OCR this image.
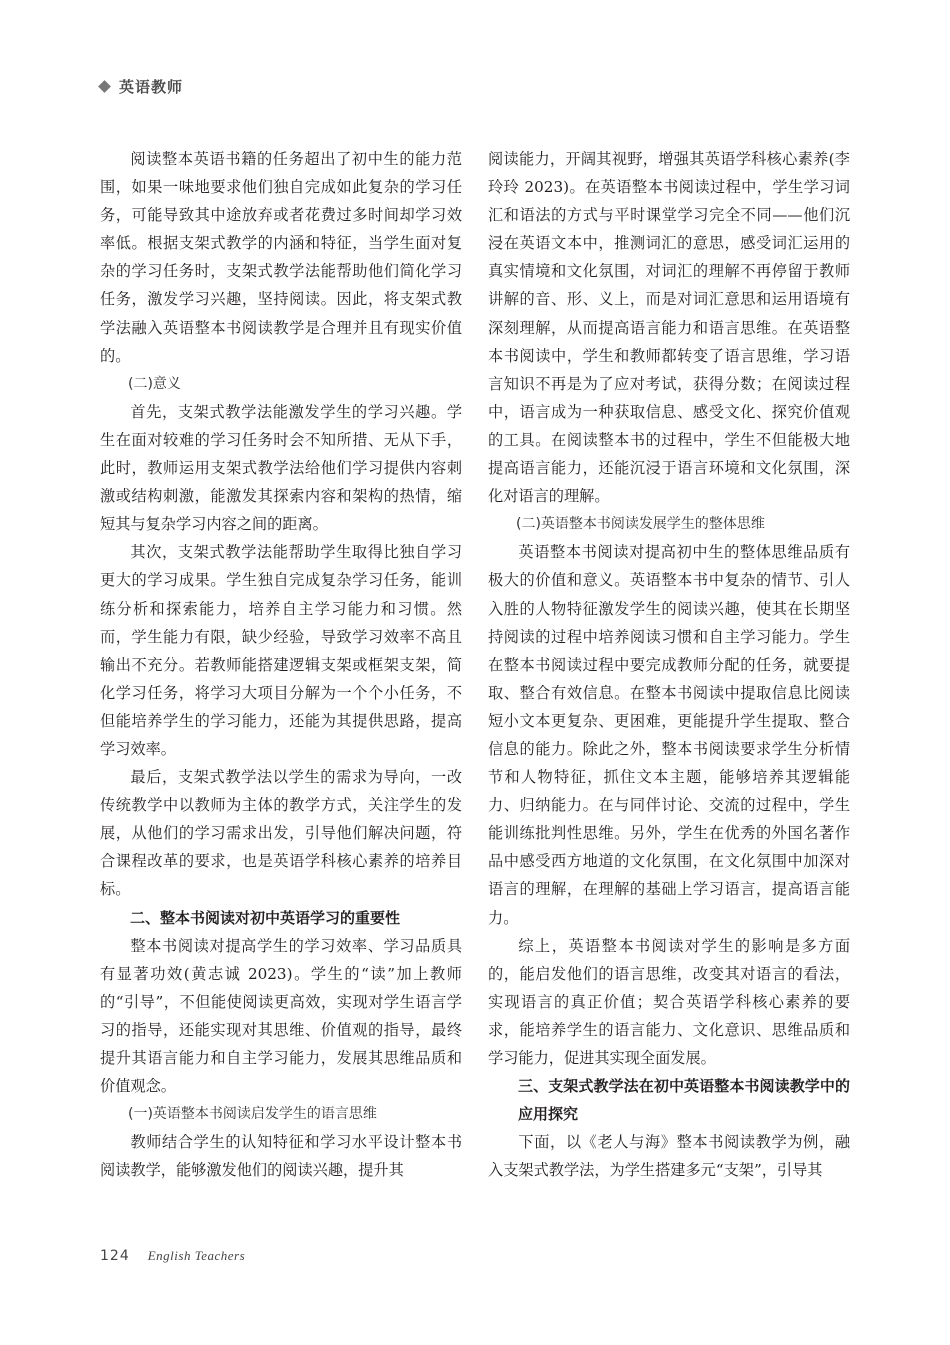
英语教师

阅读整本英语书籍的任务超出了初中生的能力范围，如果一味地要求他们独自完成如此复杂的学习任务，可能导致其中途放弃或者花费过多时间却学习效率低。根据支架式教学的内涵和特征，当学生面对复杂的学习任务时，支架式教学法能帮助他们简化学习任务，激发学习兴趣，坚持阅读。因此，将支架式教学法融入英语整本书阅读教学是合理并且有现实价值的。

(二)意义

首先，支架式教学法能激发学生的学习兴趣。学生在面对较难的学习任务时会不知所措、无从下手，此时，教师运用支架式教学法给他们学习提供内容刺激或结构刺激，能激发其探索内容和架构的热情，缩短其与复杂学习内容之间的距离。

其次，支架式教学法能帮助学生取得比独自学习更大的学习成果。学生独自完成复杂学习任务，能训练分析和探索能力，培养自主学习能力和习惯。然而，学生能力有限，缺少经验，导致学习效率不高且输出不充分。若教师能搭建逻辑支架或框架支架，简化学习任务，将学习大项目分解为一个个小任务，不但能培养学生的学习能力，还能为其提供思路，提高学习效率。

最后，支架式教学法以学生的需求为导向，一改传统教学中以教师为主体的教学方式，关注学生的发展，从他们的学习需求出发，引导他们解决问题，符合课程改革的要求，也是英语学科核心素养的培养目标。

二、整本书阅读对初中英语学习的重要性

整本书阅读对提高学生的学习效率、学习品质具有显著功效(黄志诚 2023)。学生的“读”加上教师的“引导”，不但能使阅读更高效，实现对学生语言学习的指导，还能实现对其思维、价值观的指导，最终提升其语言能力和自主学习能力，发展其思维品质和价值观念。

(一)英语整本书阅读启发学生的语言思维

教师结合学生的认知特征和学习水平设计整本书阅读教学，能够激发他们的阅读兴趣，提升其

阅读能力，开阔其视野，增强其英语学科核心素养(李玲玲 2023)。在英语整本书阅读过程中，学生学习词汇和语法的方式与平时课堂学习完全不同——他们沉浸在英语文本中，推测词汇的意思，感受词汇运用的真实情境和文化氛围，对词汇的理解不再停留于教师讲解的音、形、义上，而是对词汇意思和运用语境有深刻理解，从而提高语言能力和语言思维。在英语整本书阅读中，学生和教师都转变了语言思维，学习语言知识不再是为了应对考试，获得分数；在阅读过程中，语言成为一种获取信息、感受文化、探究价值观的工具。在阅读整本书的过程中，学生不但能极大地提高语言能力，还能沉浸于语言环境和文化氛围，深化对语言的理解。

(二)英语整本书阅读发展学生的整体思维

英语整本书阅读对提高初中生的整体思维品质有极大的价值和意义。英语整本书中复杂的情节、引人入胜的人物特征激发学生的阅读兴趣，使其在长期坚持阅读的过程中培养阅读习惯和自主学习能力。学生在整本书阅读过程中要完成教师分配的任务，就要提取、整合有效信息。在整本书阅读中提取信息比阅读短小文本更复杂、更困难，更能提升学生提取、整合信息的能力。除此之外，整本书阅读要求学生分析情节和人物特征，抓住文本主题，能够培养其逻辑能力、归纳能力。在与同伴讨论、交流的过程中，学生能训练批判性思维。另外，学生在优秀的外国名著作品中感受西方地道的文化氛围，在文化氛围中加深对语言的理解，在理解的基础上学习语言，提高语言能力。

综上，英语整本书阅读对学生的影响是多方面的，能启发他们的语言思维，改变其对语言的看法，实现语言的真正价值；契合英语学科核心素养的要求，能培养学生的语言能力、文化意识、思维品质和学习能力，促进其实现全面发展。

三、支架式教学法在初中英语整本书阅读教学中的应用探究

下面，以《老人与海》整本书阅读教学为例，融入支架式教学法，为学生搭建多元“支架”，引导其

124 English Teachers
